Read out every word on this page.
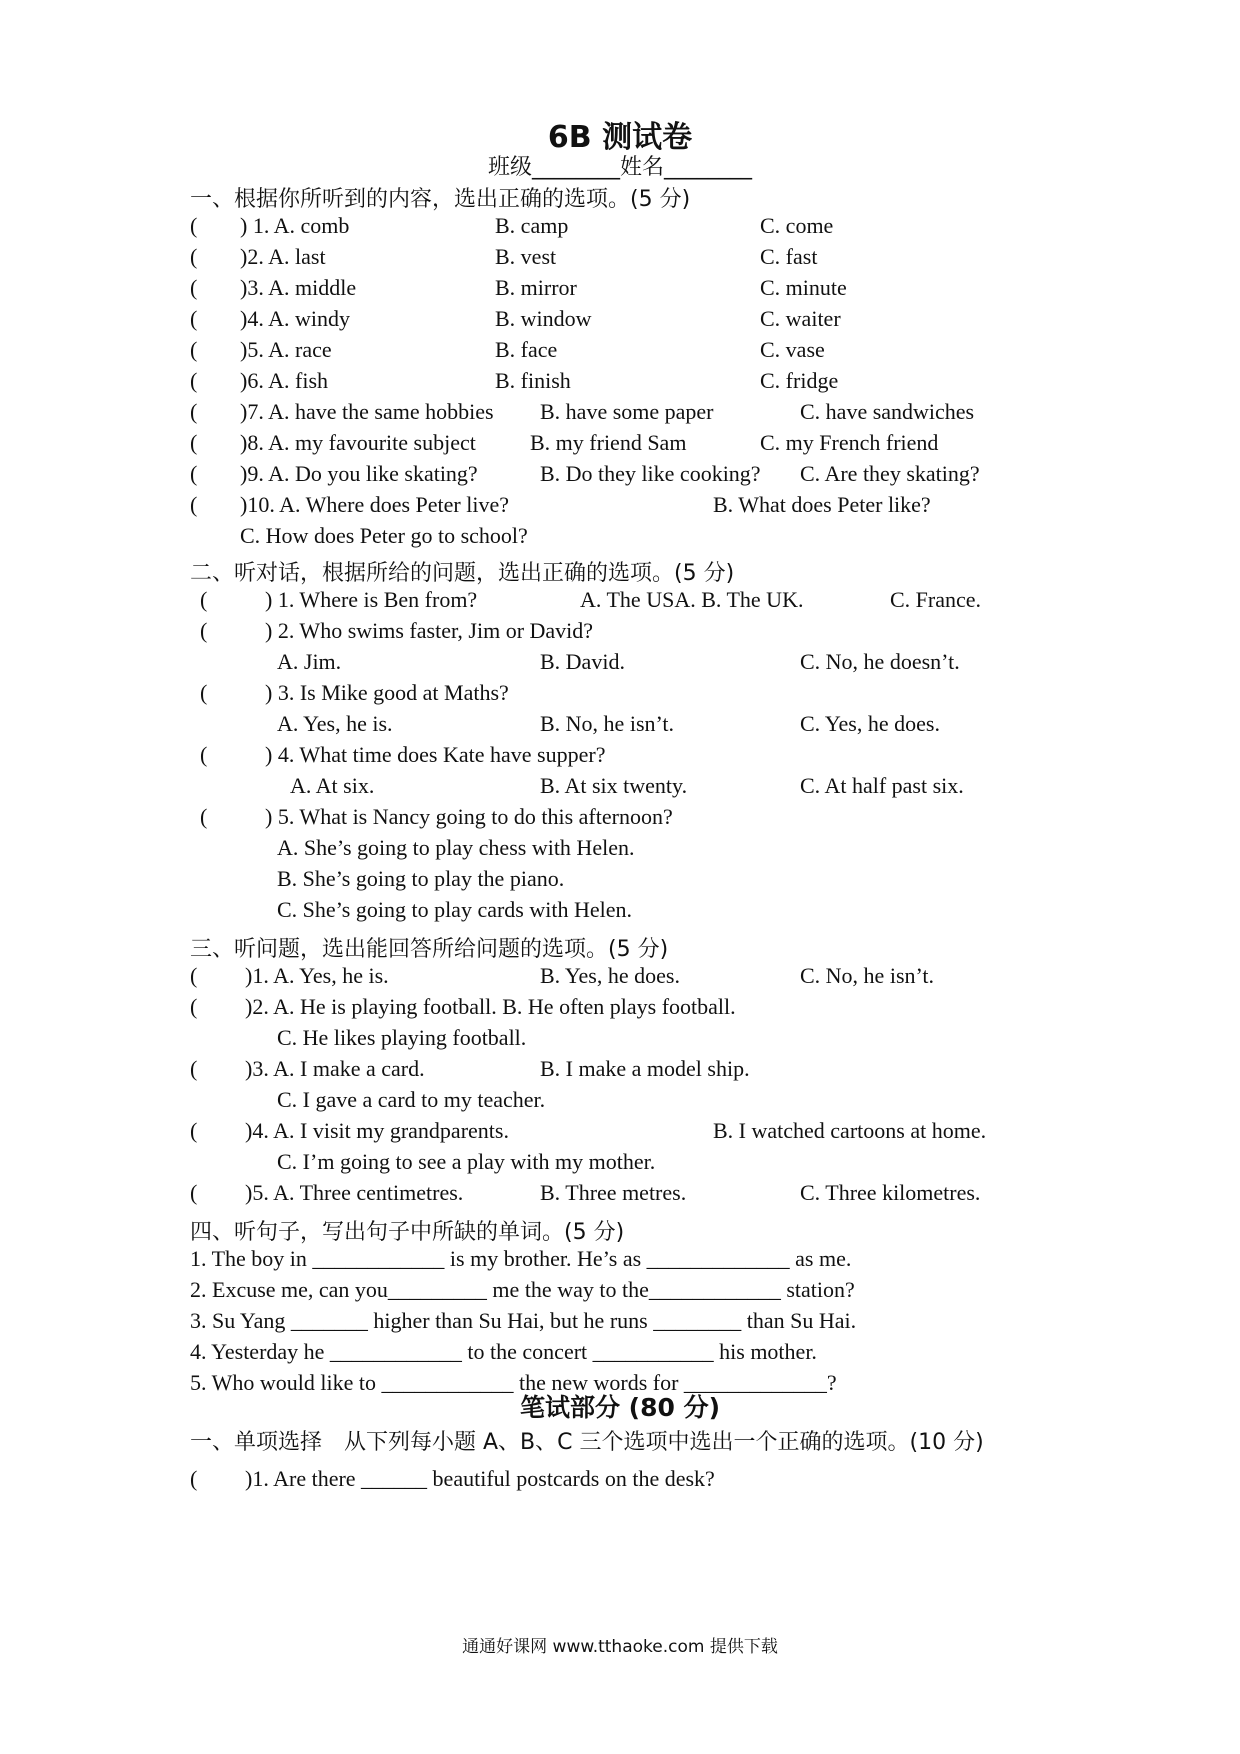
6B 测试卷
班级________姓名________
一、根据你所听到的内容，选出正确的选项。(5 分)
( ) 1. A. comb	B. camp	C. come
( )2. A. last	B. vest	C. fast
( )3. A. middle	B. mirror	C. minute
( )4. A. windy	B. window	C. waiter
( )5. A. race	B. face	C. vase
( )6. A. fish	B. finish	C. fridge
( )7. A. have the same hobbies B. have some paper	C. have sandwiches
( )8. A. my favourite subject B. my friend Sam	C. my French friend
( )9. A. Do you like skating?	B. Do they like cooking? C. Are they skating?
( )10. A. Where does Peter live?	B. What does Peter like?
C. How does Peter go to school?
二、听对话，根据所给的问题，选出正确的选项。(5 分)
(	) 1. Where is Ben from?	A. The USA. B. The UK.	C. France.
(	) 2. Who swims faster, Jim or David?
A. Jim.	B. David.	C. No, he doesn’t.
(	) 3. Is Mike good at Maths?
A. Yes, he is.	B. No, he isn’t.	C. Yes, he does.
(	) 4. What time does Kate have supper?
A. At six.	B. At six twenty.	C. At half past six.
(	) 5. What is Nancy going to do this afternoon?
A. She’s going to play chess with Helen.
B. She’s going to play the piano.
C. She’s going to play cards with Helen.
三、听问题，选出能回答所给问题的选项。(5 分)
( )1. A. Yes, he is.	B. Yes, he does.	C. No, he isn’t.
( )2. A. He is playing football. B. He often plays football.
C. He likes playing football.
( )3. A. I make a card.	B. I make a model ship.
C. I gave a card to my teacher.
( )4. A. I visit my grandparents.	B. I watched cartoons at home.
C. I’m going to see a play with my mother.
( )5. A. Three centimetres.	B. Three metres.	C. Three kilometres.
四、听句子，写出句子中所缺的单词。(5 分)
1. The boy in ____________ is my brother. He’s as _____________ as me.
2. Excuse me, can you_________ me the way to the____________ station?
3. Su Yang _______ higher than Su Hai, but he runs ________ than Su Hai.
4. Yesterday he ____________ to the concert ___________ his mother.
5. Who would like to ____________ the new words for _____________?
笔试部分 (80 分)
一、单项选择　从下列每小题 A、B、C 三个选项中选出一个正确的选项。(10 分)
( )1. Are there ______ beautiful postcards on the desk?
通通好课网 www.tthaoke.com 提供下载
